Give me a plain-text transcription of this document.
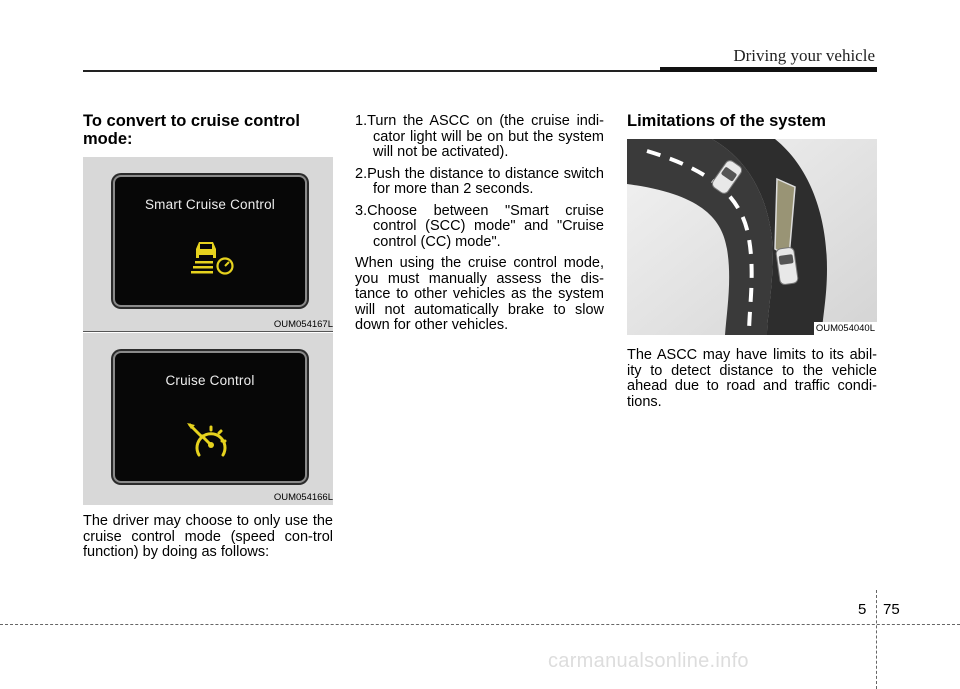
Driving your vehicle
To convert to cruise control mode:
Smart Cruise Control
OUM054167L
Cruise Control
OUM054166L

The driver may choose to only use the cruise control mode (speed con-trol function) by doing as follows:

1.Turn the ASCC on (the cruise indi-cator light will be on but the system will not be activated).
2.Push the distance to distance switch for more than 2 seconds.
3.Choose between "Smart cruise control (SCC) mode" and "Cruise control (CC) mode".

When using the cruise control mode, you must manually assess the dis-tance to other vehicles as the system will not automatically brake to slow down for other vehicles.

Limitations of the system
OUM054040L

The ASCC may have limits to its abil-ity to detect distance to the vehicle ahead due to road and traffic condi-tions.

5 75
carmanualsonline.info
